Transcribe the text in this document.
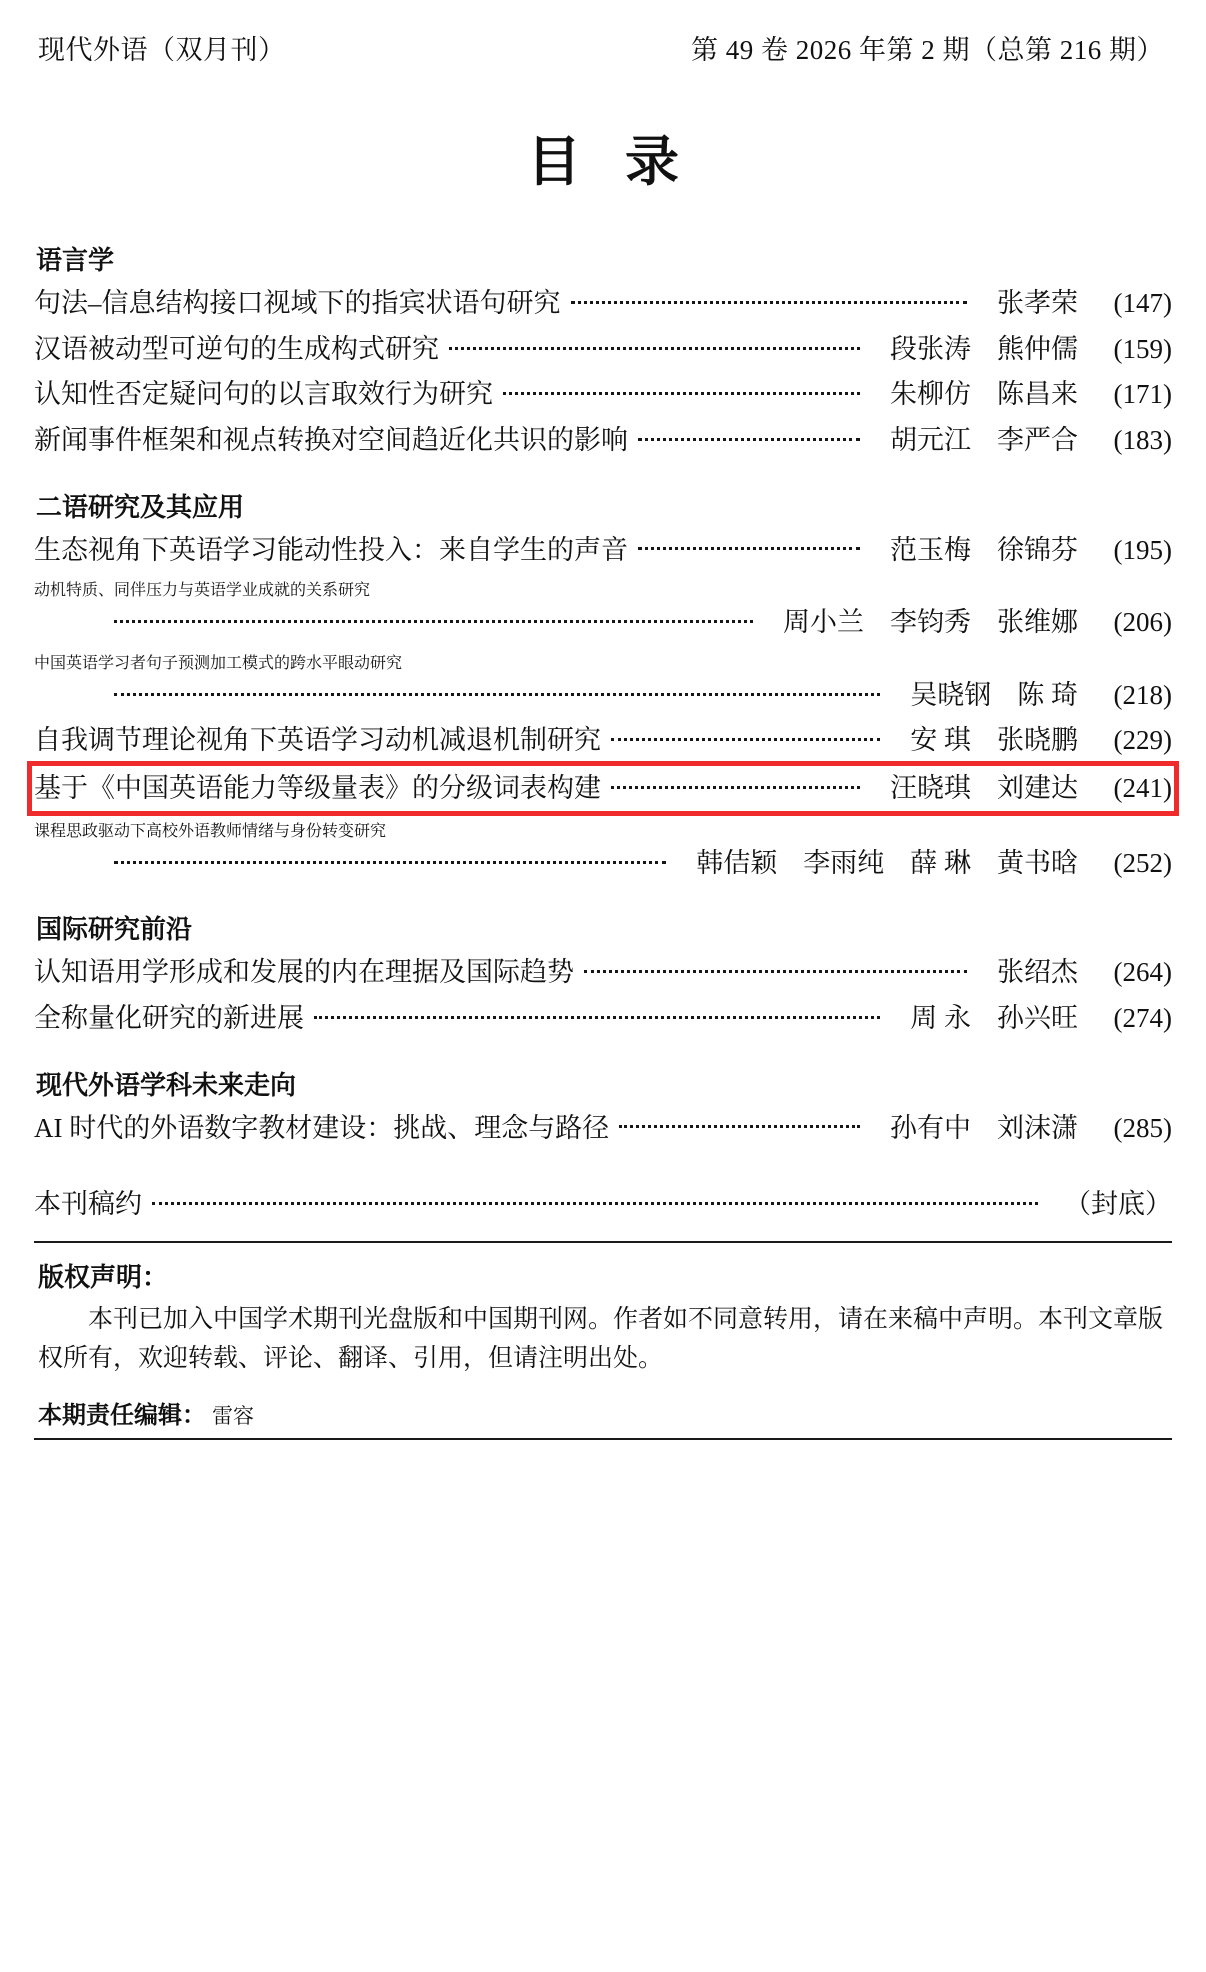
现代外语（双月刊）	第 49 卷 2026 年第 2 期（总第 216 期）
目录
语言学
句法–信息结构接口视域下的指宾状语句研究	张孝荣	(147)
汉语被动型可逆句的生成构式研究	段张涛 熊仲儒	(159)
认知性否定疑问句的以言取效行为研究	朱柳仿 陈昌来	(171)
新闻事件框架和视点转换对空间趋近化共识的影响	胡元江 李严合	(183)
二语研究及其应用
生态视角下英语学习能动性投入：来自学生的声音	范玉梅 徐锦芬	(195)
动机特质、同伴压力与英语学业成就的关系研究
周小兰 李钧秀 张维娜	(206)
中国英语学习者句子预测加工模式的跨水平眼动研究
吴晓钢 陈 琦	(218)
自我调节理论视角下英语学习动机减退机制研究	安 琪 张晓鹏	(229)
基于《中国英语能力等级量表》的分级词表构建	汪晓琪 刘建达	(241)
课程思政驱动下高校外语教师情绪与身份转变研究
韩佶颖 李雨纯 薛 琳 黄书晗	(252)
国际研究前沿
认知语用学形成和发展的内在理据及国际趋势	张绍杰	(264)
全称量化研究的新进展	周 永 孙兴旺	(274)
现代外语学科未来走向
AI 时代的外语数字教材建设：挑战、理念与路径	孙有中 刘沫潇	(285)
本刊稿约	（封底）
版权声明：
本刊已加入中国学术期刊光盘版和中国期刊网。作者如不同意转用，请在来稿中声明。本刊文章版权所有，欢迎转载、评论、翻译、引用，但请注明出处。
本期责任编辑： 雷容
